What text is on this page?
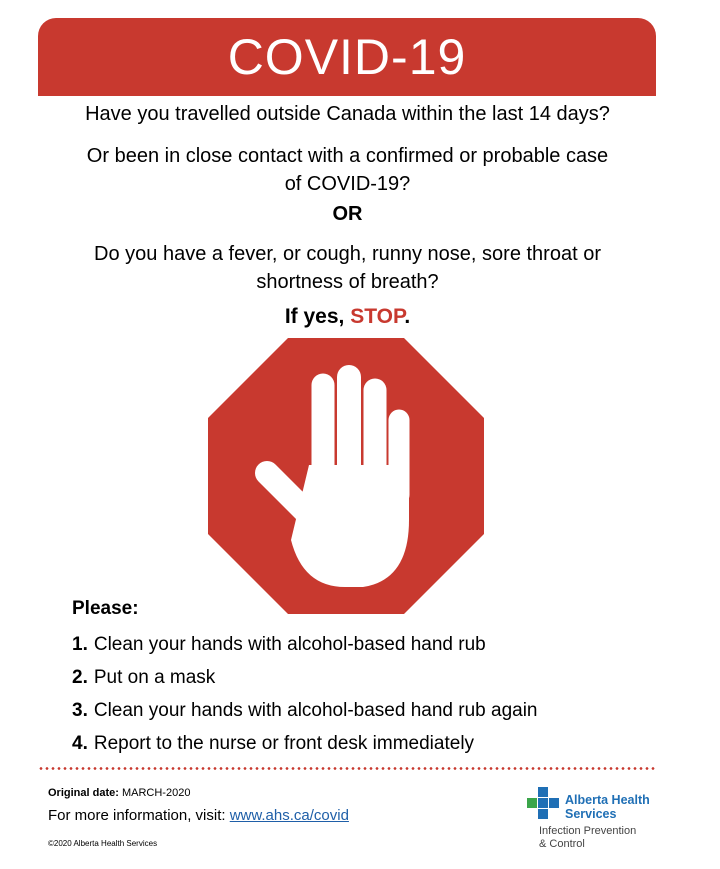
COVID-19
Have you travelled outside Canada within the last 14 days?
Or been in close contact with a confirmed or probable case
of COVID-19?
OR
Do you have a fever, or cough, runny nose, sore throat or
shortness of breath?
If yes, STOP.
Please:
1. Clean your hands with alcohol-based hand rub
2. Put on a mask
3. Clean your hands with alcohol-based hand rub again
4. Report to the nurse or front desk immediately
Original date: MARCH-2020
For more information, visit: www.ahs.ca/covid
©2020 Alberta Health Services
Alberta Health
Services
Infection Prevention
& Control
